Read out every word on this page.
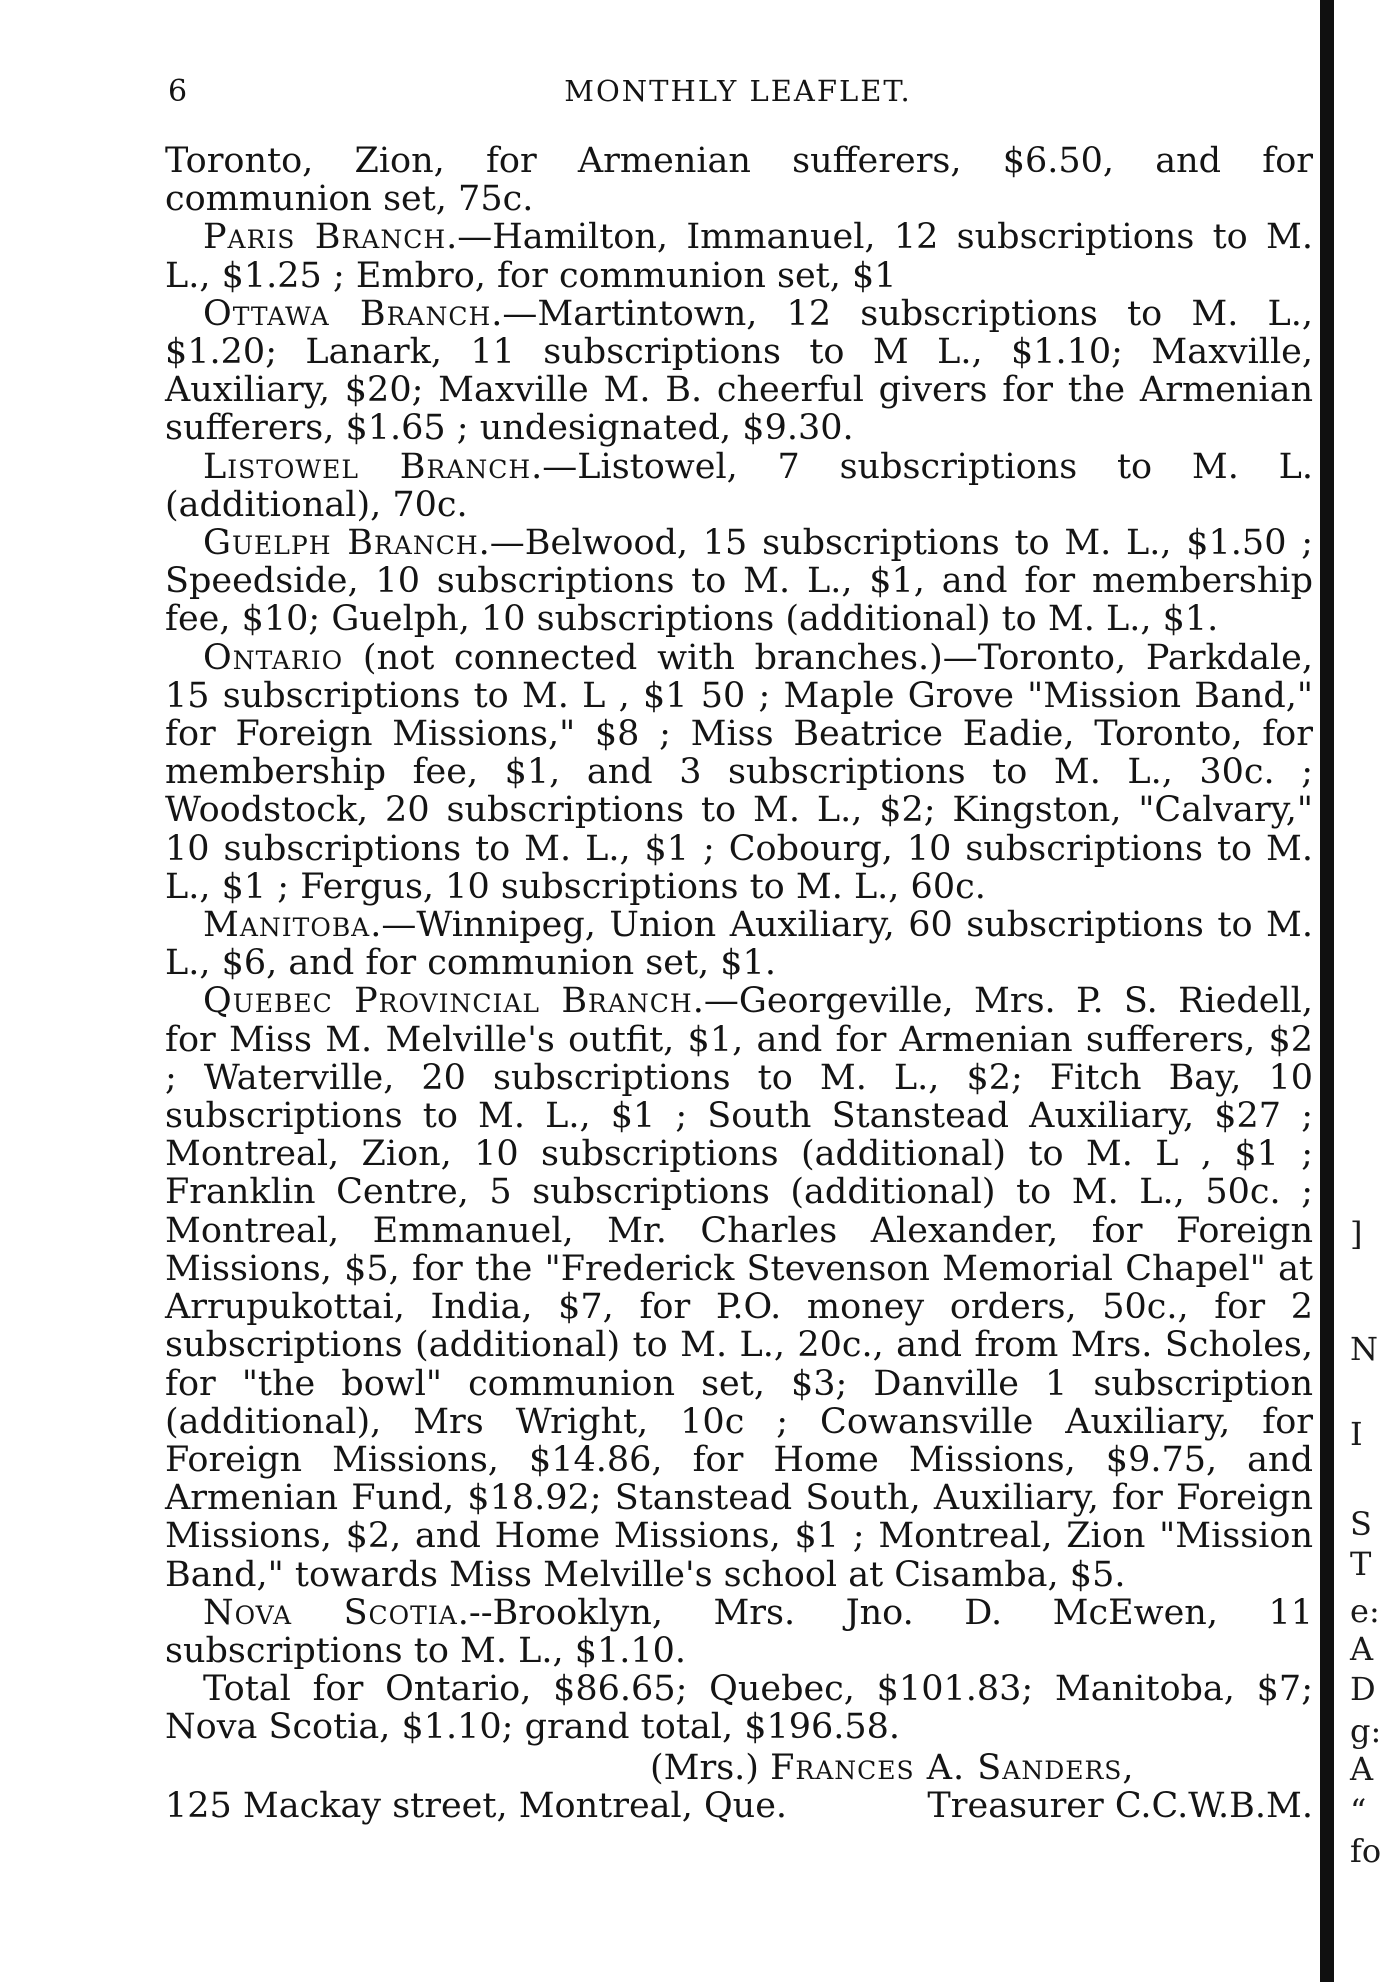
6	MONTHLY LEAFLET.

Toronto, Zion, for Armenian sufferers, $6.50, and for communion set, 75c.

Paris Branch.—Hamilton, Immanuel, 12 subscriptions to M. L., $1.25 ; Embro, for communion set, $1

Ottawa Branch.—Martintown, 12 subscriptions to M. L., $1.20; Lanark, 11 subscriptions to M L., $1.10; Maxville, Auxiliary, $20; Maxville M. B. cheerful givers for the Armenian sufferers, $1.65 ; undesignated, $9.30.

Listowel Branch.—Listowel, 7 subscriptions to M. L. (additional), 70c.

Guelph Branch.—Belwood, 15 subscriptions to M. L., $1.50 ; Speedside, 10 subscriptions to M. L., $1, and for membership fee, $10; Guelph, 10 subscriptions (additional) to M. L., $1.

Ontario (not connected with branches.)—Toronto, Parkdale, 15 subscriptions to M. L , $1 50 ; Maple Grove "Mission Band," for Foreign Missions," $8 ; Miss Beatrice Eadie, Toronto, for membership fee, $1, and 3 subscriptions to M. L., 30c. ; Woodstock, 20 subscriptions to M. L., $2; Kingston, "Calvary," 10 subscriptions to M. L., $1 ; Cobourg, 10 subscriptions to M. L., $1 ; Fergus, 10 subscriptions to M. L., 60c.

Manitoba.—Winnipeg, Union Auxiliary, 60 subscriptions to M. L., $6, and for communion set, $1.

Quebec Provincial Branch.—Georgeville, Mrs. P. S. Riedell, for Miss M. Melville's outfit, $1, and for Armenian sufferers, $2 ; Waterville, 20 subscriptions to M. L., $2; Fitch Bay, 10 subscriptions to M. L., $1 ; South Stanstead Auxiliary, $27 ; Montreal, Zion, 10 subscriptions (additional) to M. L , $1 ; Franklin Centre, 5 subscriptions (additional) to M. L., 50c. ; Montreal, Emmanuel, Mr. Charles Alexander, for Foreign Missions, $5, for the "Frederick Stevenson Memorial Chapel" at Arrupukottai, India, $7, for P.O. money orders, 50c., for 2 subscriptions (additional) to M. L., 20c., and from Mrs. Scholes, for "the bowl" communion set, $3; Danville 1 subscription (additional), Mrs Wright, 10c ; Cowansville Auxiliary, for Foreign Missions, $14.86, for Home Missions, $9.75, and Armenian Fund, $18.92; Stanstead South, Auxiliary, for Foreign Missions, $2, and Home Missions, $1 ; Montreal, Zion "Mission Band," towards Miss Melville's school at Cisamba, $5.

Nova Scotia.--Brooklyn, Mrs. Jno. D. McEwen, 11 subscriptions to M. L., $1.10.

Total for Ontario, $86.65; Quebec, $101.83; Manitoba, $7; Nova Scotia, $1.10; grand total, $196.58.

(Mrs.) Frances A. Sanders,

125 Mackay street, Montreal, Que.	Treasurer C.C.W.B.M.

]
N
I
S
T
e:
A
D
g:
A
“
fo
